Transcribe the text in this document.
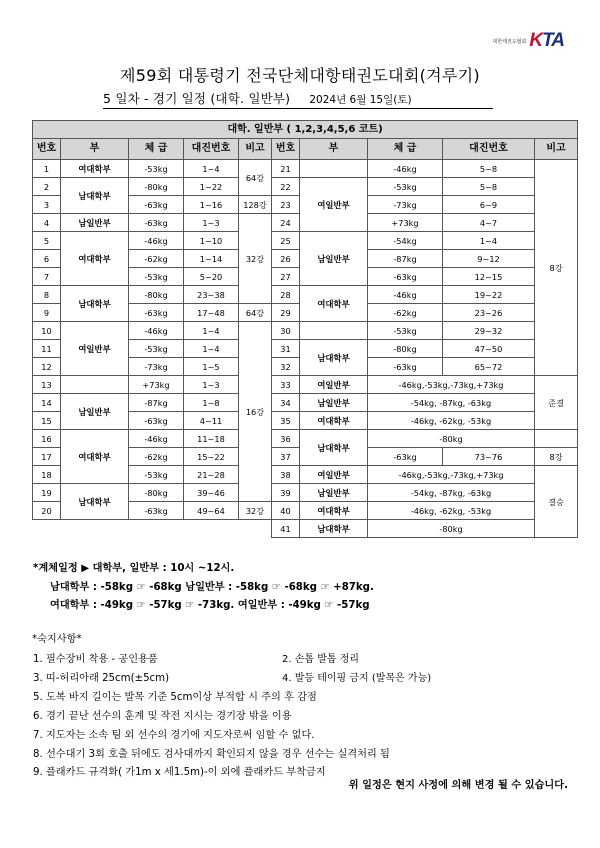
대한태권도협회 KTA
제59회 대통령기 전국단체대항태권도대회(겨루기)
5 일차 - 경기 일정 (대학. 일반부) 2024년 6월 15일(토)
대학. 일반부 ( 1,2,3,4,5,6 코트)										
번호	부	체 급	대진번호	비고	번호	부	체 급	대진번호	비고	
1	여대학부	-53kg	1~4	64강	21		-46kg	5~8	8강	
2	남대학부	-80kg	1~22		22	여일반부	-53kg	5~8		
3		-63kg	1~16	128강	23		-73kg	6~9		
4	남일반부	-63kg	1~3	32강	24		+73kg	4~7		
5	여대학부	-46kg	1~10		25	남일반부	-54kg	1~4		
6		-62kg	1~14		26		-87kg	9~12		
7		-53kg	5~20		27		-63kg	12~15		
8	남대학부	-80kg	23~38		28	여대학부	-46kg	19~22		
9		-63kg	17~48	64강	29		-62kg	23~26		
10	여일반부	-46kg	1~4	16강	30		-53kg	29~32		
11		-53kg	1~4		31	남대학부	-80kg	47~50		
12		-73kg	1~5		32		-63kg	65~72	
13		+73kg	1~3		33	여일반부	-46kg,-53kg,-73kg,+73kg		준결	
14	남일반부	-87kg	1~8		34	남일반부	-54kg, -87kg, -63kg			
15		-63kg	4~11		35	여대학부	-46kg, -62kg, -53kg			
16	여대학부	-46kg	11~18		36	남대학부	-80kg			
17		-62kg	15~22		37		-63kg	73~76	8강	
18		-53kg	21~28		38	여일반부	-46kg,-53kg,-73kg,+73kg		결승	
19	남대학부	-80kg	39~46		39	남일반부	-54kg, -87kg, -63kg			
20		-63kg	49~64	32강	40	여대학부	-46kg, -62kg, -53kg			
					41	남대학부	-80kg			
*계체일정 ▶ 대학부, 일반부 : 10시 ~12시.
남대학부 : -58kg ☞ -68kg 남일반부 : -58kg ☞ -68kg ☞ +87kg.
여대학부 : -49kg ☞ -57kg ☞ -73kg. 여일반부 : -49kg ☞ -57kg
*숙지사항*
1. 필수장비 착용 - 공인용품	2. 손톱 발톱 정리
3. 띠-허리아래 25cm(±5cm)	4. 발등 테이핑 금지 (발목은 가능)
5. 도복 바지 길이는 발목 기준 5cm이상 부적합 시 주의 후 감점
6. 경기 끝난 선수의 훈계 및 작전 지시는 경기장 밖을 이용
7. 지도자는 소속 팀 외 선수의 경기에 지도자로써 임할 수 없다.
8. 선수대기 3회 호출 뒤에도 검사대까지 확인되지 않을 경우 선수는 실격처리 됨
9. 플래카드 규격화( 가1m x 세1.5m)-이 외에 플래카드 부착금지
위 일정은 현지 사정에 의해 변경 될 수 있습니다.
